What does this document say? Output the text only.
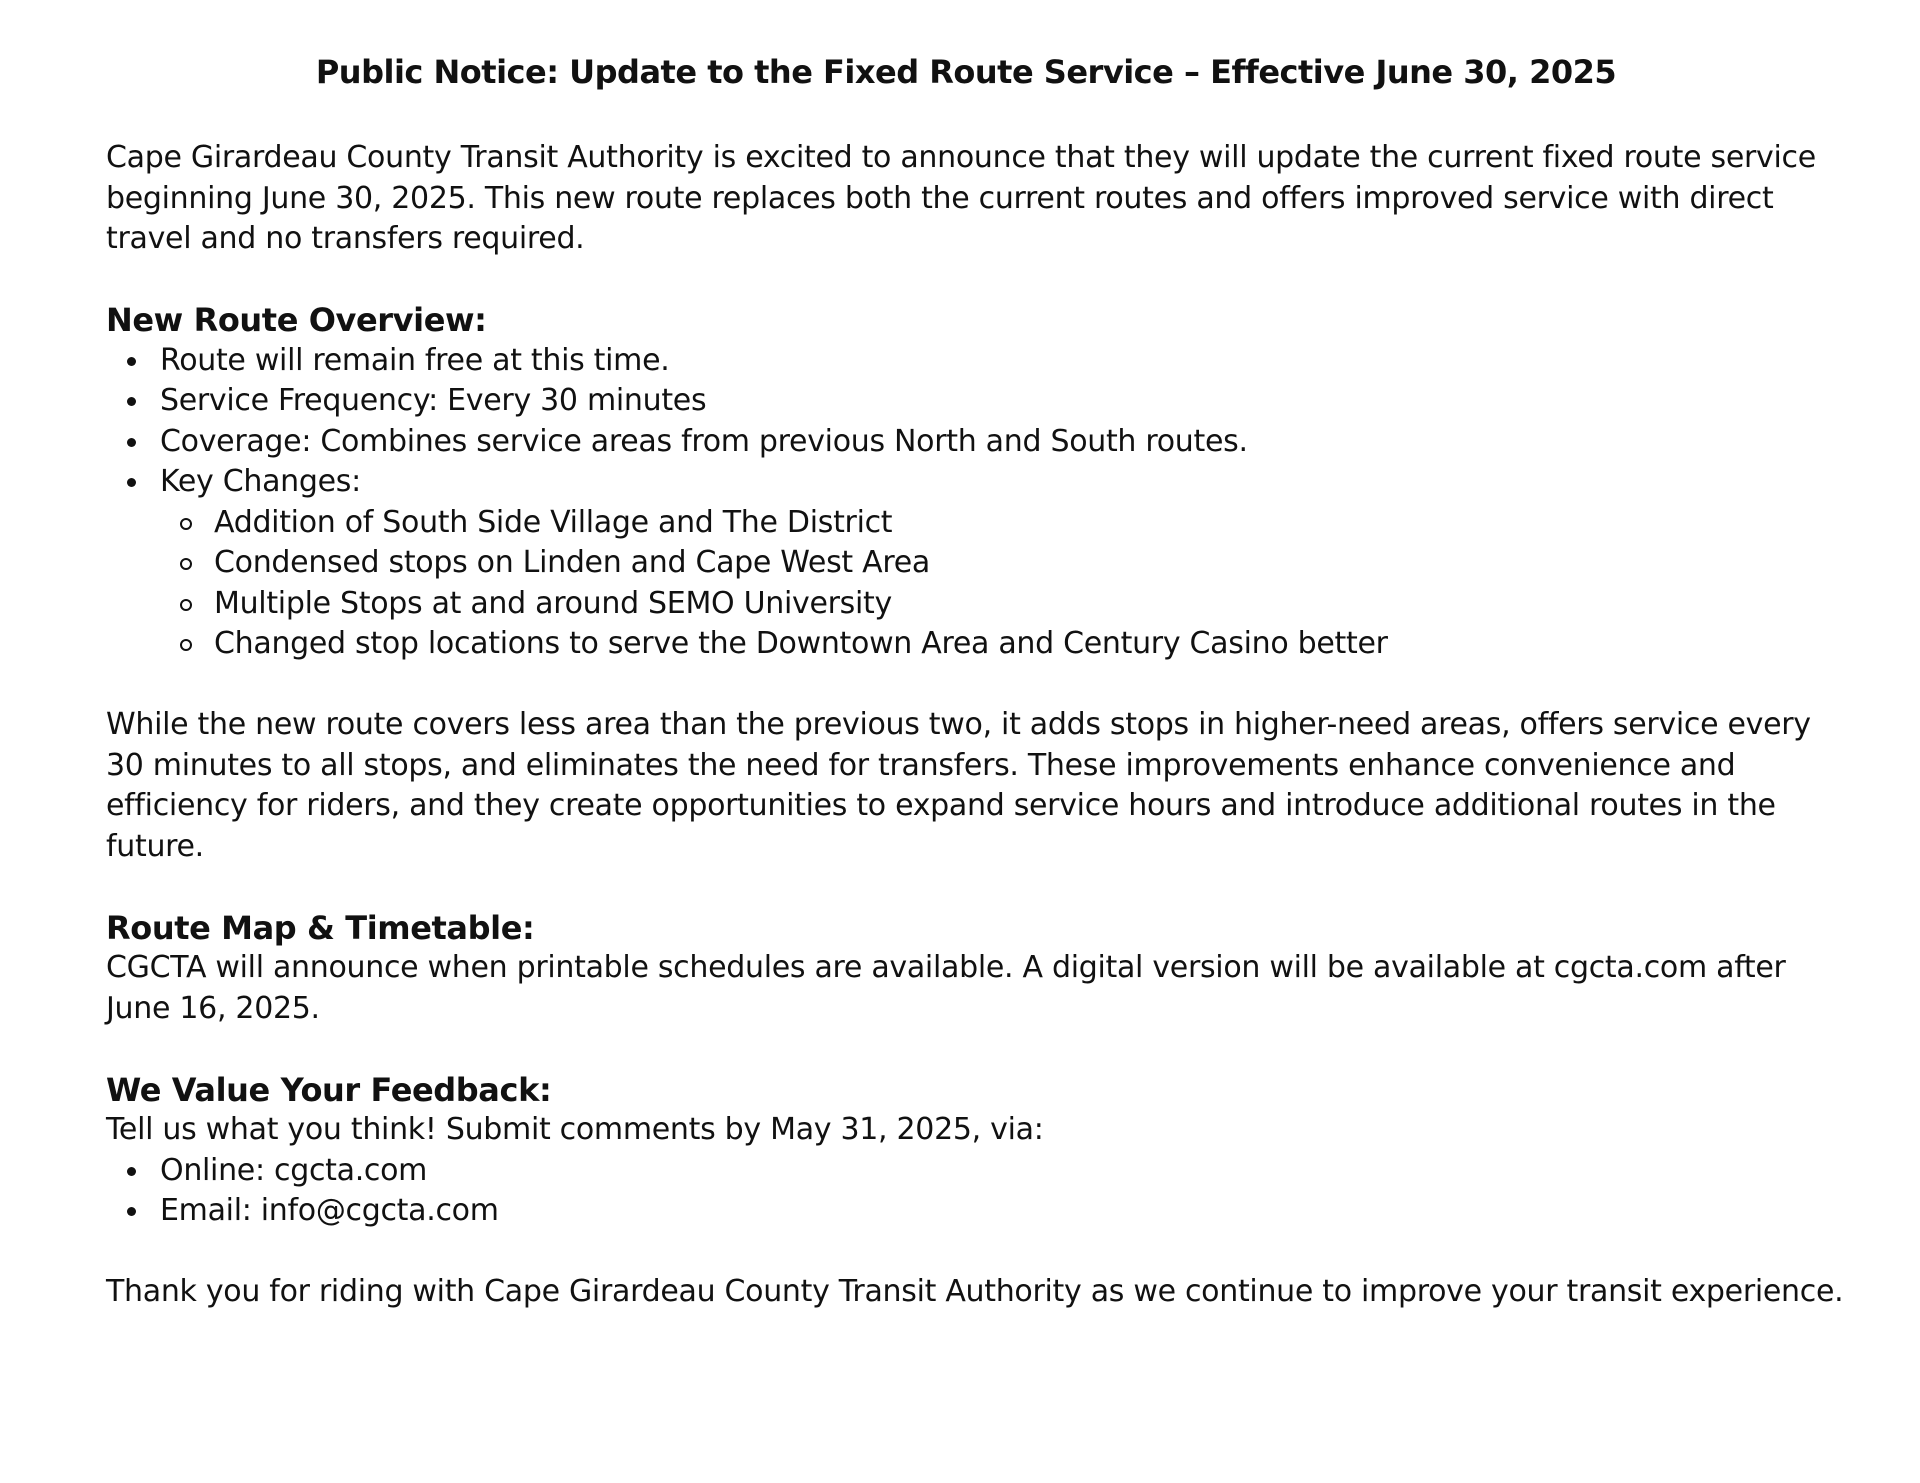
Public Notice: Update to the Fixed Route Service – Effective June 30, 2025

Cape Girardeau County Transit Authority is excited to announce that they will update the current fixed route service beginning June 30, 2025. This new route replaces both the current routes and offers improved service with direct travel and no transfers required.

New Route Overview:
Route will remain free at this time.
Service Frequency: Every 30 minutes
Coverage: Combines service areas from previous North and South routes.
Key Changes:
Addition of South Side Village and The District
Condensed stops on Linden and Cape West Area
Multiple Stops at and around SEMO University
Changed stop locations to serve the Downtown Area and Century Casino better

While the new route covers less area than the previous two, it adds stops in higher-need areas, offers service every 30 minutes to all stops, and eliminates the need for transfers. These improvements enhance convenience and efficiency for riders, and they create opportunities to expand service hours and introduce additional routes in the future.

Route Map & Timetable:

CGCTA will announce when printable schedules are available. A digital version will be available at cgcta.com after June 16, 2025.

We Value Your Feedback:

Tell us what you think! Submit comments by May 31, 2025, via:

Online: cgcta.com
Email: info@cgcta.com

Thank you for riding with Cape Girardeau County Transit Authority as we continue to improve your transit experience.
